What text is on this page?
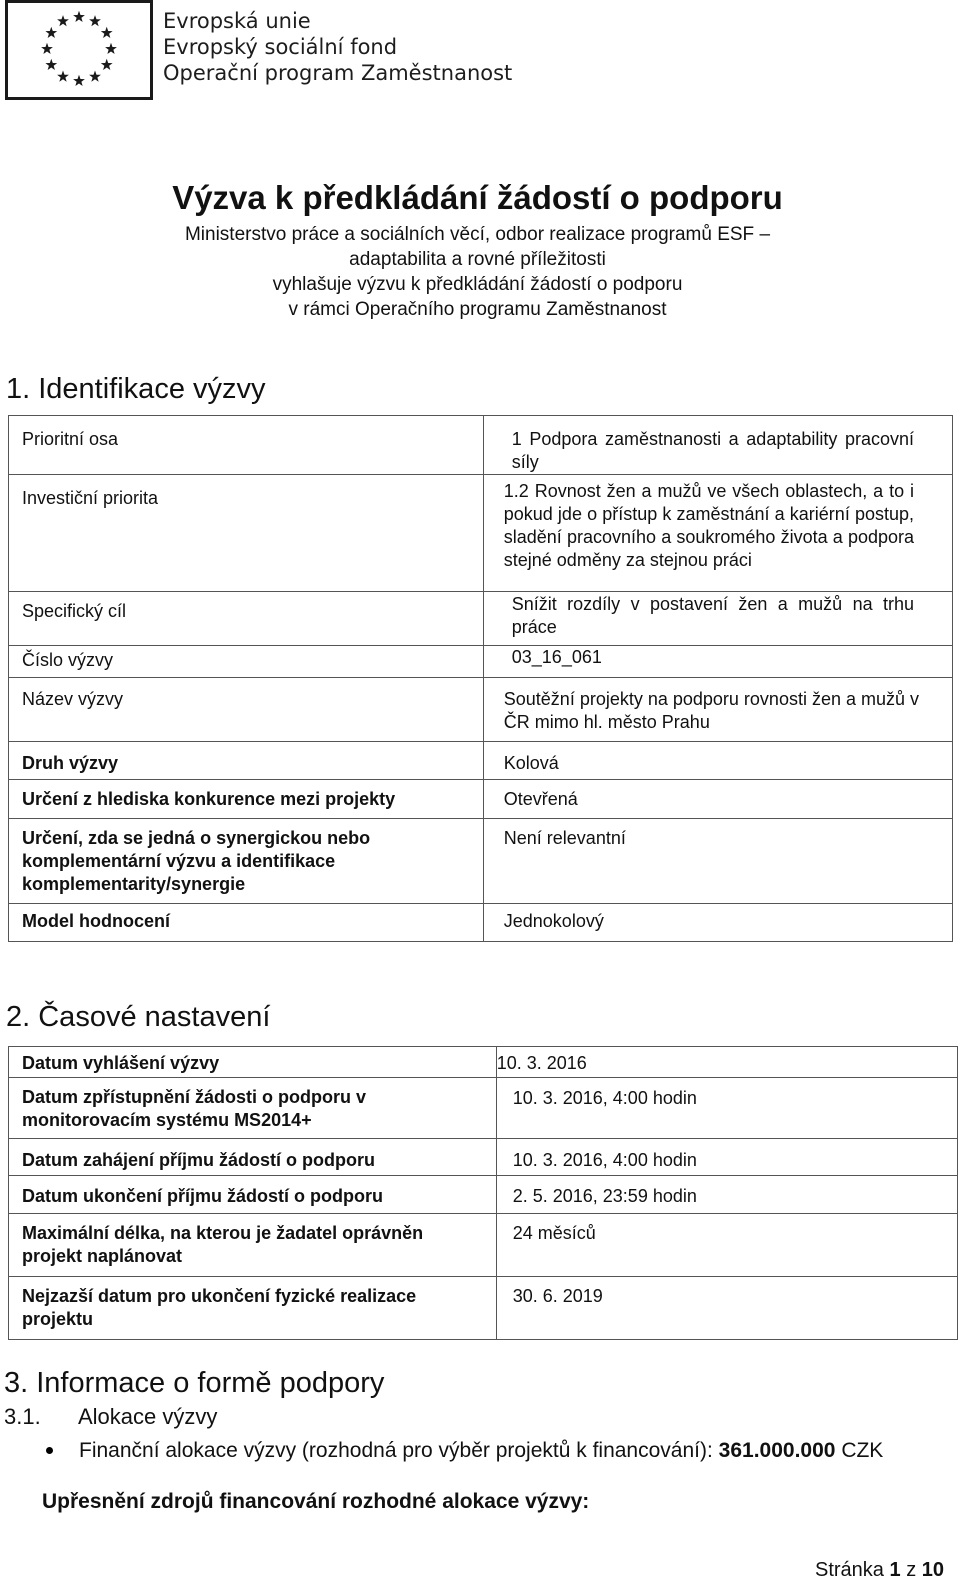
Evropská unie
Evropský sociální fond
Operační program Zaměstnanost
Výzva k předkládání žádostí o podporu
Ministerstvo práce a sociálních věcí, odbor realizace programů ESF –
adaptabilita a rovné příležitosti
vyhlašuje výzvu k předkládání žádostí o podporu
v rámci Operačního programu Zaměstnanost
1. Identifikace výzvy
Prioritní osa	1 Podpora zaměstnanosti a adaptability pracovní síly

Investiční priorita	1.2 Rovnost žen a mužů ve všech oblastech, a to i pokud jde o přístup k zaměstnání a kariérní postup, sladění pracovního a soukromého života a podpora stejné odměny za stejnou práci

Specifický cíl	Snížit rozdíly v postavení žen a mužů na trhu práce

Číslo výzvy	03_16_061

Název výzvy	Soutěžní projekty na podporu rovnosti žen a mužů v ČR mimo hl. město Prahu

Druh výzvy	Kolová

Určení z hlediska konkurence mezi projekty	Otevřená

Určení, zda se jedná o synergickou nebo komplementární výzvu a identifikace komplementarity/synergie	Není relevantní

Model hodnocení	Jednokolový
2. Časové nastavení
Datum vyhlášení výzvy	10. 3. 2016

Datum zpřístupnění žádosti o podporu v monitorovacím systému MS2014+	10. 3. 2016, 4:00 hodin

Datum zahájení příjmu žádostí o podporu	10. 3. 2016, 4:00 hodin

Datum ukončení příjmu žádostí o podporu	2. 5. 2016, 23:59 hodin

Maximální délka, na kterou je žadatel oprávněn projekt naplánovat	24 měsíců

Nejzazší datum pro ukončení fyzické realizace projektu	30. 6. 2019
3. Informace o formě podpory
3.1. Alokace výzvy
Finanční alokace výzvy (rozhodná pro výběr projektů k financování): 361.000.000 CZK
Upřesnění zdrojů financování rozhodné alokace výzvy:
Stránka 1 z 10
